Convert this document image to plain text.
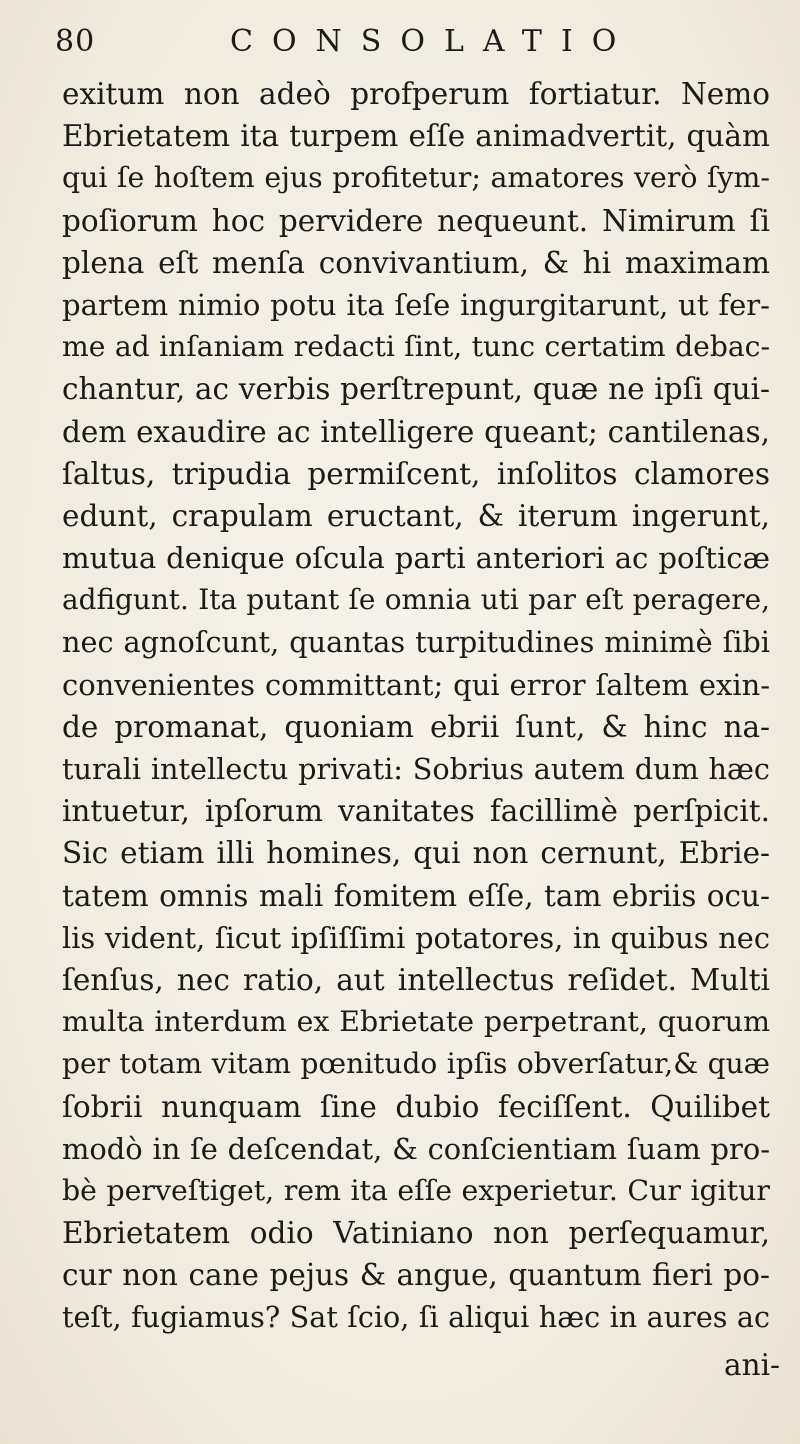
80	CONSOLATIO
exitum non adeò profperum fortiatur. Nemo
Ebrietatem ita turpem eſſe animadvertit, quàm
qui ſe hoſtem ejus profitetur; amatores verò ſym-
poſiorum hoc pervidere nequeunt. Nimirum ſi
plena eſt menſa convivantium, & hi maximam
partem nimio potu ita ſeſe ingurgitarunt, ut fer-
me ad inſaniam redacti ſint, tunc certatim debac-
chantur, ac verbis perſtrepunt, quæ ne ipſi qui-
dem exaudire ac intelligere queant; cantilenas,
ſaltus, tripudia permiſcent, inſolitos clamores
edunt, crapulam eructant, & iterum ingerunt,
mutua denique oſcula parti anteriori ac poſticæ
adfigunt. Ita putant ſe omnia uti par eſt peragere,
nec agnoſcunt, quantas turpitudines minimè ſibi
convenientes committant; qui error ſaltem exin-
de promanat, quoniam ebrii ſunt, & hinc na-
turali intellectu privati: Sobrius autem dum hæc
intuetur, ipſorum vanitates facillimè perſpicit.
Sic etiam illi homines, qui non cernunt, Ebrie-
tatem omnis mali fomitem eſſe, tam ebriis ocu-
lis vident, ſicut ipſiſſimi potatores, in quibus nec
ſenſus, nec ratio, aut intellectus reſidet. Multi
multa interdum ex Ebrietate perpetrant, quorum
per totam vitam pœnitudo ipſis obverſatur,& quæ
ſobrii nunquam ſine dubio feciſſent. Quilibet
modò in ſe deſcendat, & conſcientiam ſuam pro-
bè perveſtiget, rem ita eſſe experietur. Cur igitur
Ebrietatem odio Vatiniano non perſequamur,
cur non cane pejus & angue, quantum fieri po-
teſt, fugiamus? Sat ſcio, ſi aliqui hæc in aures ac
ani-
